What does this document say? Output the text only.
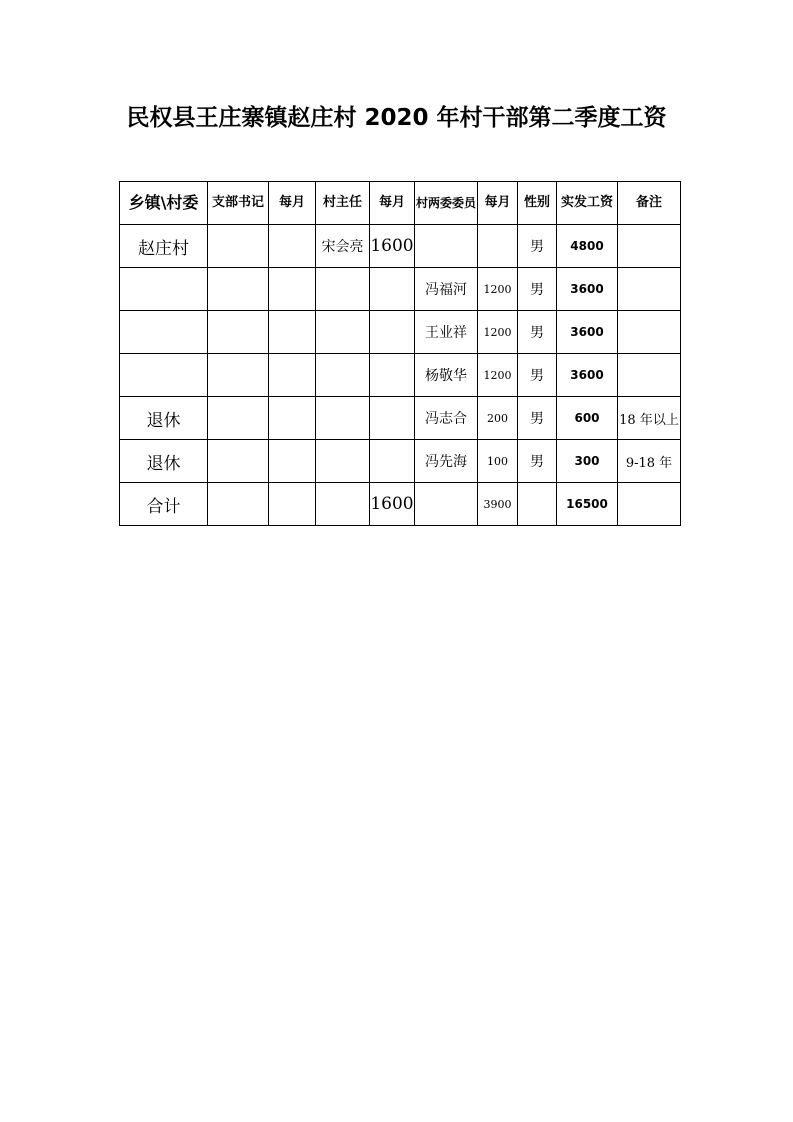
民权县王庄寨镇赵庄村 2020 年村干部第二季度工资
乡镇\村委	支部书记	每月	村主任	每月	村两委委员	每月	性别	实发工资	备注
赵庄村			宋会亮	1600			男	4800	
					冯福河	1200	男	3600	
					王业祥	1200	男	3600	
					杨敬华	1200	男	3600	
退休					冯志合	200	男	600	18 年以上
退休					冯先海	100	男	300	9-18 年
合计				1600		3900		16500	
